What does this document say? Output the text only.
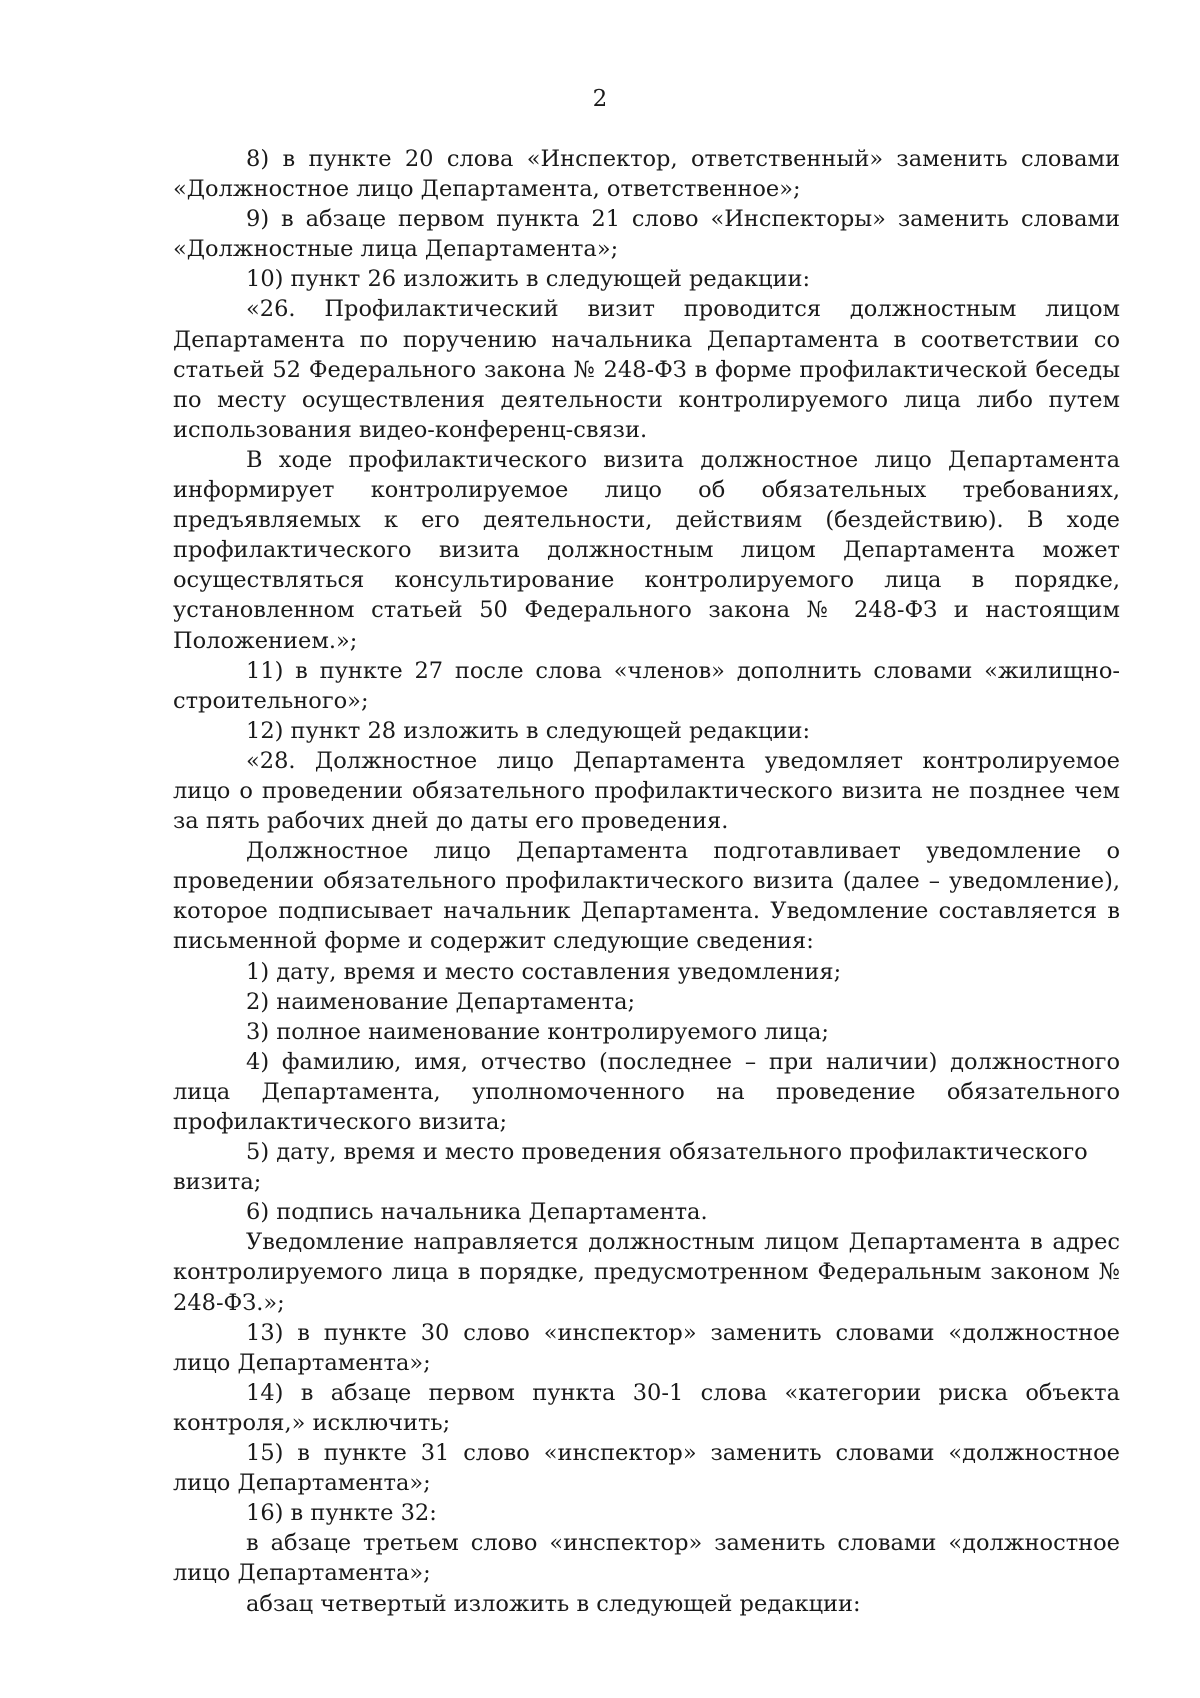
2

8) в пункте 20 слова «Инспектор, ответственный» заменить словами «Должностное лицо Департамента, ответственное»;

9) в абзаце первом пункта 21 слово «Инспекторы» заменить словами «Должностные лица Департамента»;

10) пункт 26 изложить в следующей редакции:

«26. Профилактический визит проводится должностным лицом Департамента по поручению начальника Департамента в соответствии со статьей 52 Федерального закона № 248-ФЗ в форме профилактической беседы по месту осуществления деятельности контролируемого лица либо путем использования видео-конференц-связи.

В ходе профилактического визита должностное лицо Департамента информирует контролируемое лицо об обязательных требованиях, предъявляемых к его деятельности, действиям (бездействию). В ходе профилактического визита должностным лицом Департамента может осуществляться консультирование контролируемого лица в порядке, установленном статьей 50 Федерального закона № 248-ФЗ и настоящим Положением.»;

11) в пункте 27 после слова «членов» дополнить словами «жилищно-строительного»;

12) пункт 28 изложить в следующей редакции:

«28. Должностное лицо Департамента уведомляет контролируемое лицо о проведении обязательного профилактического визита не позднее чем за пять рабочих дней до даты его проведения.

Должностное лицо Департамента подготавливает уведомление о проведении обязательного профилактического визита (далее – уведомление), которое подписывает начальник Департамента. Уведомление составляется в письменной форме и содержит следующие сведения:

1) дату, время и место составления уведомления;

2) наименование Департамента;

3) полное наименование контролируемого лица;

4) фамилию, имя, отчество (последнее – при наличии) должностного лица Департамента, уполномоченного на проведение обязательного профилактического визита;

5) дату, время и место проведения обязательного профилактического визита;

6) подпись начальника Департамента.

Уведомление направляется должностным лицом Департамента в адрес контролируемого лица в порядке, предусмотренном Федеральным законом № 248-ФЗ.»;

13) в пункте 30 слово «инспектор» заменить словами «должностное лицо Департамента»;

14) в абзаце первом пункта 30-1 слова «категории риска объекта контроля,» исключить;

15) в пункте 31 слово «инспектор» заменить словами «должностное лицо Департамента»;

16) в пункте 32:

в абзаце третьем слово «инспектор» заменить словами «должностное лицо Департамента»;

абзац четвертый изложить в следующей редакции:
